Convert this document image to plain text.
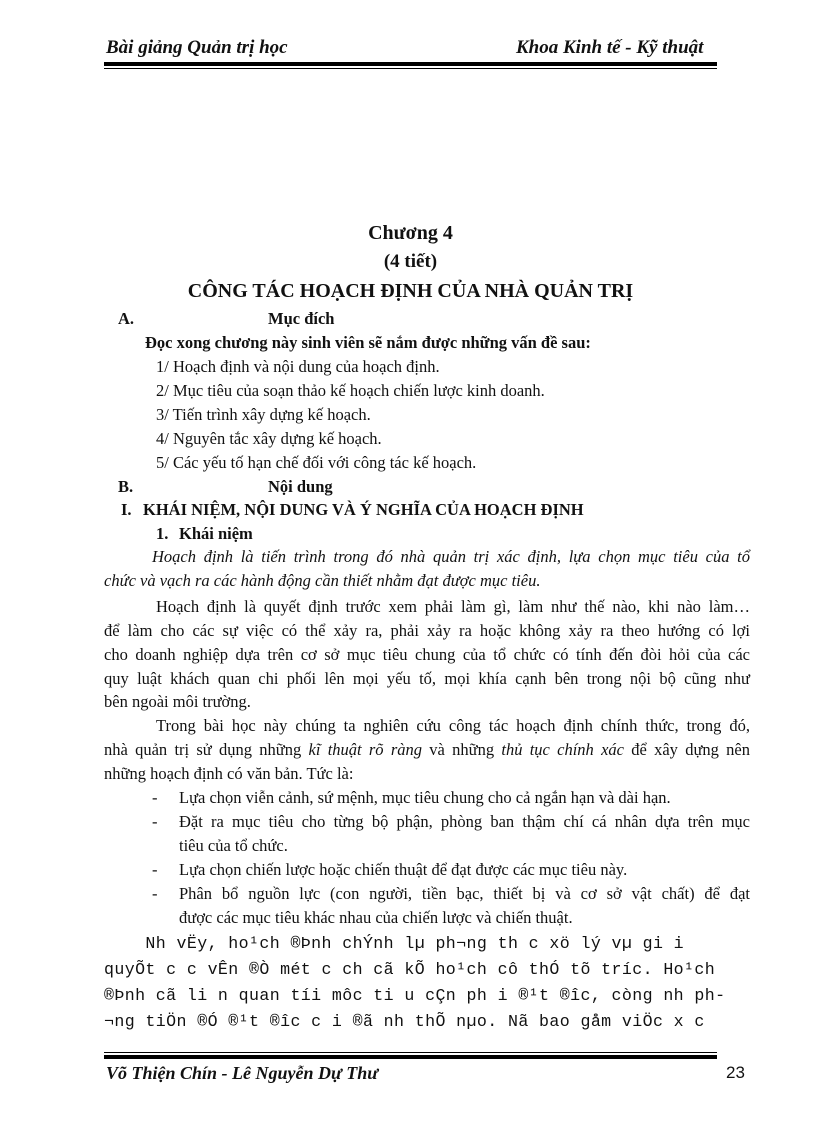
Bài giảng Quản trị học	Khoa Kinh tế - Kỹ thuật
Chương 4
(4 tiết)
CÔNG TÁC HOẠCH ĐỊNH CỦA NHÀ QUẢN TRỊ
A.	Mục đích
Đọc xong chương này sinh viên sẽ nắm được những vấn đề sau:
1/ Hoạch định và nội dung của hoạch định.
2/ Mục tiêu của soạn thảo kế hoạch chiến lược kinh doanh.
3/ Tiến trình xây dựng kế hoạch.
4/ Nguyên tắc xây dựng kế hoạch.
5/ Các yếu tố hạn chế đối với công tác kế hoạch.
B.	Nội dung
I. KHÁI NIỆM, NỘI DUNG VÀ Ý NGHĨA CỦA HOẠCH ĐỊNH
1. Khái niệm
Hoạch định là tiến trình trong đó nhà quản trị xác định, lựa chọn mục tiêu của tổ
chức và vạch ra các hành động cần thiết nhằm đạt được mục tiêu.
Hoạch định là quyết định trước xem phải làm gì, làm như thế nào, khi nào làm…
để làm cho các sự việc có thể xảy ra, phải xảy ra hoặc không xảy ra theo hướng có lợi
cho doanh nghiệp dựa trên cơ sở mục tiêu chung của tổ chức có tính đến đòi hỏi của các
quy luật khách quan chi phối lên mọi yếu tố, mọi khía cạnh bên trong nội bộ cũng như
bên ngoài môi trường.
Trong bài học này chúng ta nghiên cứu công tác hoạch định chính thức, trong đó,
nhà quản trị sử dụng những kĩ thuật rõ ràng và những thủ tục chính xác để xây dựng nên
những hoạch định có văn bản. Tức là:
- Lựa chọn viễn cảnh, sứ mệnh, mục tiêu chung cho cả ngắn hạn và dài hạn.
- Đặt ra mục tiêu cho từng bộ phận, phòng ban thậm chí cá nhân dựa trên mục
tiêu của tổ chức.
- Lựa chọn chiến lược hoặc chiến thuật để đạt được các mục tiêu này.
- Phân bổ nguồn lực (con người, tiền bạc, thiết bị và cơ sở vật chất) để đạt
được các mục tiêu khác nhau của chiến lược và chiến thuật.
Nh vËy, ho¹ch ®Þnh chÝnh lµ ph¬ng th c xö lý vµ gi i
quyÕt c c vÊn ®Ò mét c ch cã kÕ ho¹ch cô thÓ tõ tríc. Ho¹ch
®Þnh cã li n quan tíi môc ti u cÇn ph i ®¹t ®îc, còng nh ph-
¬ng tiÖn ®Ó ®¹t ®îc c i ®ã nh thÕ nµo. Nã bao gåm viÖc x c
Võ Thiện Chín - Lê Nguyễn Dự Thư	23
